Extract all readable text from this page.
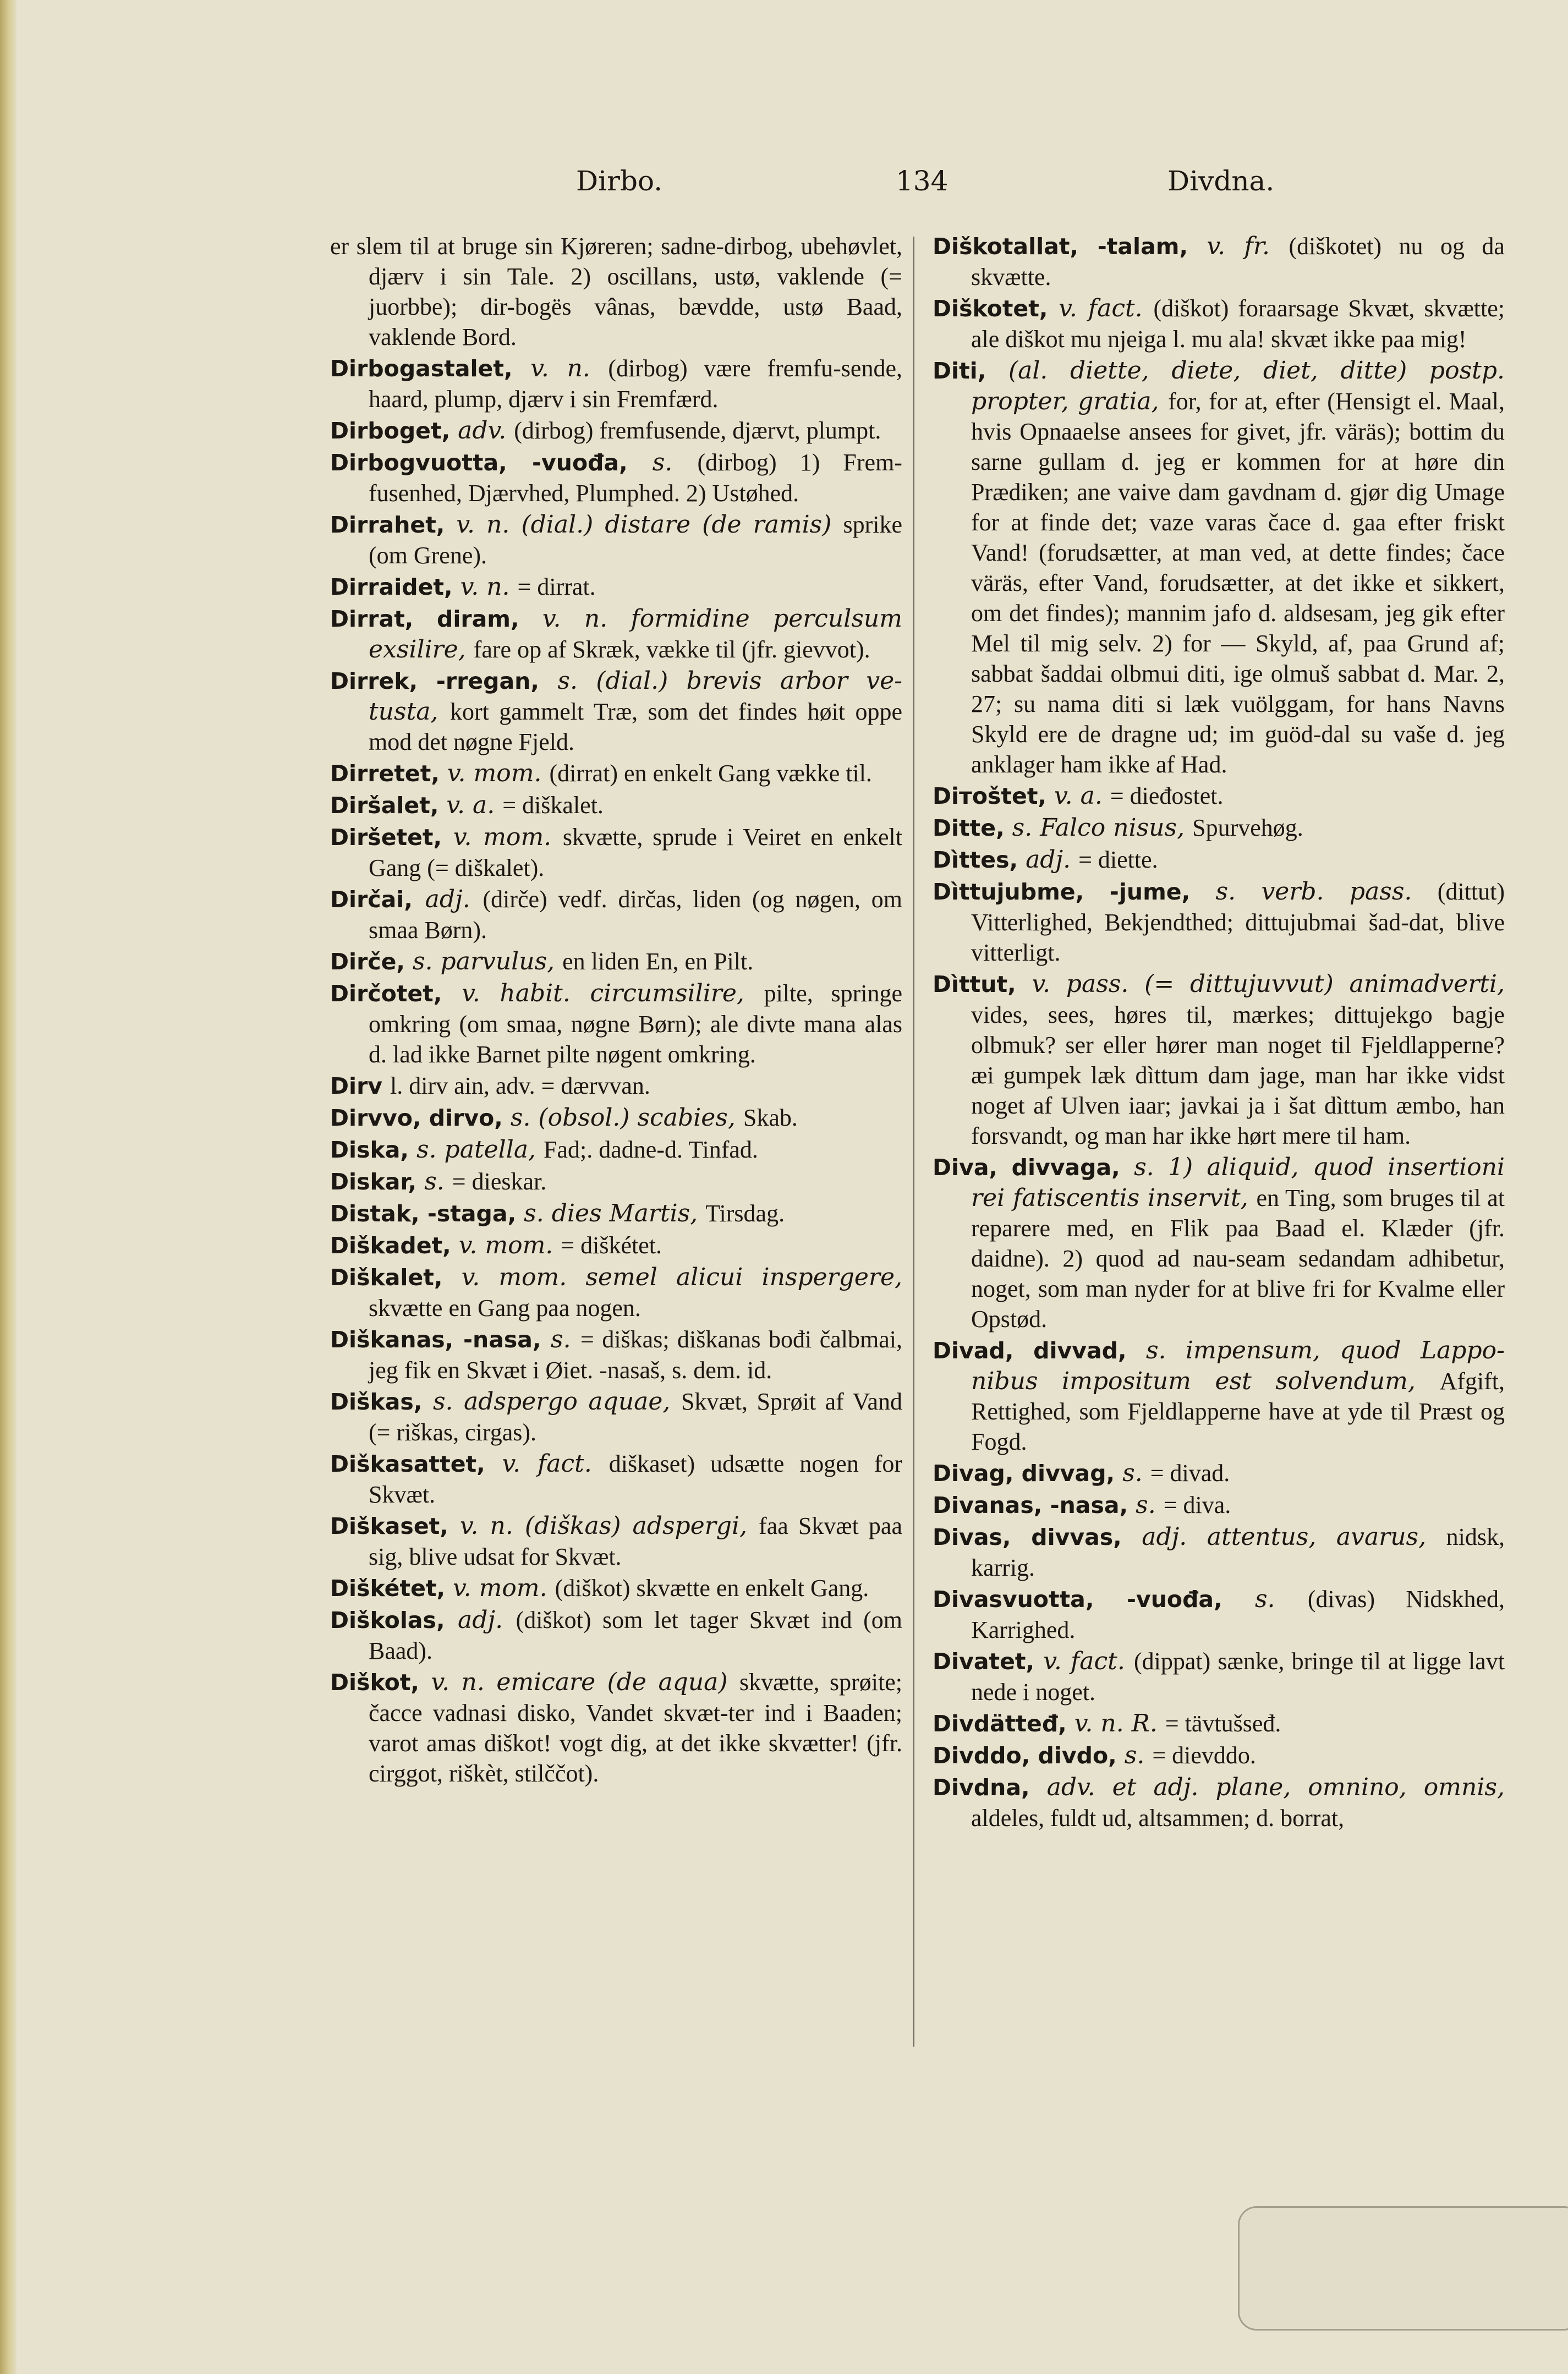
Dirbo.	134	Divdna.

er slem til at bruge sin Kjøreren; sadne-dirbog, ubehøvlet, djærv i sin Tale. 2) oscillans, ustø, vaklende (= juorbbe); dir-bogës vânas, bævdde, ustø Baad, vaklende Bord.

Dirbogastalet, v. n. (dirbog) være fremfu-sende, haard, plump, djærv i sin Fremfærd.

Dirboget, adv. (dirbog) fremfusende, djærvt, plumpt.

Dirbogvuotta, -vuođa, s. (dirbog) 1) Frem-fusenhed, Djærvhed, Plumphed. 2) Ustøhed.

Dirrahet, v. n. (dial.) distare (de ramis) sprike (om Grene).

Dirraidet, v. n. = dirrat.

Dirrat, diram, v. n. formidine perculsum exsilire, fare op af Skræk, vække til (jfr. gievvot).

Dirrek, -rregan, s. (dial.) brevis arbor ve-tusta, kort gammelt Træ, som det findes høit oppe mod det nøgne Fjeld.

Dirretet, v. mom. (dirrat) en enkelt Gang vække til.

Diršalet, v. a. = diškalet.

Diršetet, v. mom. skvætte, sprude i Veiret en enkelt Gang (= diškalet).

Dirčai, adj. (dirče) vedf. dirčas, liden (og nøgen, om smaa Børn).

Dirče, s. parvulus, en liden En, en Pilt.

Dirčotet, v. habit. circumsilire, pilte, springe omkring (om smaa, nøgne Børn); ale divte mana alas d. lad ikke Barnet pilte nøgent omkring.

Dirv l. dirv ain, adv. = dærvvan.

Dirvvo, dirvo, s. (obsol.) scabies, Skab.

Diska, s. patella, Fad;. dadne-d. Tinfad.

Diskar, s. = dieskar.

Distak, -staga, s. dies Martis, Tirsdag.

Diškadet, v. mom. = diškétet.

Diškalet, v. mom. semel alicui inspergere, skvætte en Gang paa nogen.

Diškanas, -nasa, s. = diškas; diškanas bođi čalbmai, jeg fik en Skvæt i Øiet. -nasaš, s. dem. id.

Diškas, s. adspergo aquae, Skvæt, Sprøit af Vand (= riškas, cirgas).

Diškasattet, v. fact. diškaset) udsætte nogen for Skvæt.

Diškaset, v. n. (diškas) adspergi, faa Skvæt paa sig, blive udsat for Skvæt.

Diškétet, v. mom. (diškot) skvætte en enkelt Gang.

Diškolas, adj. (diškot) som let tager Skvæt ind (om Baad).

Diškot, v. n. emicare (de aqua) skvætte, sprøite; čacce vadnasi disko, Vandet skvæt-ter ind i Baaden; varot amas diškot! vogt dig, at det ikke skvætter! (jfr. cirggot, riškèt, stilččot).

Diškotallat, -talam, v. fr. (diškotet) nu og da skvætte.

Diškotet, v. fact. (diškot) foraarsage Skvæt, skvætte; ale diškot mu njeiga l. mu ala! skvæt ikke paa mig!

Diti, (al. diette, diete, diet, ditte) postp. propter, gratia, for, for at, efter (Hensigt el. Maal, hvis Opnaaelse ansees for givet, jfr. väräs); bottim du sarne gullam d. jeg er kommen for at høre din Prædiken; ane vaive dam gavdnam d. gjør dig Umage for at finde det; vaze varas čace d. gaa efter friskt Vand! (forudsætter, at man ved, at dette findes; čace väräs, efter Vand, forudsætter, at det ikke et sikkert, om det findes); mannim jafo d. aldsesam, jeg gik efter Mel til mig selv. 2) for — Skyld, af, paa Grund af; sabbat šaddai olbmui diti, ige olmuš sabbat d. Mar. 2, 27; su nama diti si læk vuölggam, for hans Navns Skyld ere de dragne ud; im guöd-dal su vaše d. jeg anklager ham ikke af Had.

Dітоštet, v. a. = dieđostet.

Ditte, s. Falco nisus, Spurvehøg.

Dìttes, adj. = diette.

Dìttujubme, -jume, s. verb. pass. (dittut) Vitterlighed, Bekjendthed; dittujubmai šad-dat, blive vitterligt.

Dìttut, v. pass. (= dittujuvvut) animadverti, vides, sees, høres til, mærkes; dittujekgo bagje olbmuk? ser eller hører man noget til Fjeldlapperne? æi gumpek læk dìttum dam jage, man har ikke vidst noget af Ulven iaar; javkai ja i šat dìttum æmbo, han forsvandt, og man har ikke hørt mere til ham.

Diva, divvaga, s. 1) aliquid, quod insertioni rei fatiscentis inservit, en Ting, som bruges til at reparere med, en Flik paa Baad el. Klæder (jfr. daidne). 2) quod ad nau-seam sedandam adhibetur, noget, som man nyder for at blive fri for Kvalme eller Opstød.

Divad, divvad, s. impensum, quod Lappo-nibus impositum est solvendum, Afgift, Rettighed, som Fjeldlapperne have at yde til Præst og Fogd.

Divag, divvag, s. = divad.

Divanas, -nasa, s. = diva.

Divas, divvas, adj. attentus, avarus, nidsk, karrig.

Divasvuotta, -vuođa, s. (divas) Nidskhed, Karrighed.

Divatet, v. fact. (dippat) sænke, bringe til at ligge lavt nede i noget.

Divdätteđ, v. n. R. = tävtušseđ.

Divddo, divdo, s. = dievddo.

Divdna, adv. et adj. plane, omnino, omnis, aldeles, fuldt ud, altsammen; d. borrat,
